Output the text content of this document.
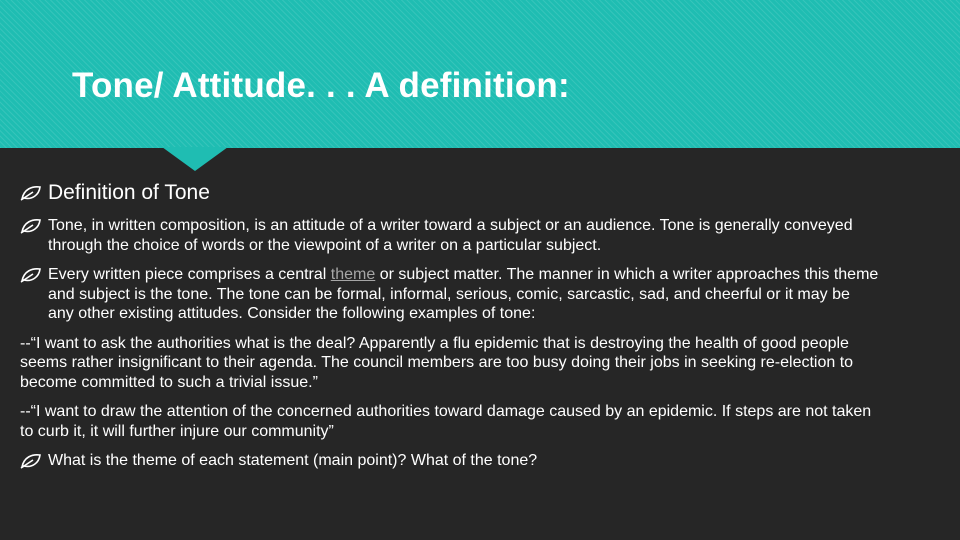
Tone/ Attitude. . . A definition:
Definition of Tone
Tone, in written composition, is an attitude of a writer toward a subject or an audience. Tone is generally conveyed through the choice of words or the viewpoint of a writer on a particular subject.
Every written piece comprises a central theme or subject matter. The manner in which a writer approaches this theme and subject is the tone. The tone can be formal, informal, serious, comic, sarcastic, sad, and cheerful or it may be any other existing attitudes. Consider the following examples of tone:
--“I want to ask the authorities what is the deal? Apparently a flu epidemic that is destroying the health of good people seems rather insignificant to their agenda. The council members are too busy doing their jobs in seeking re-election to become committed to such a trivial issue.”
--“I want to draw the attention of the concerned authorities toward damage caused by an epidemic. If steps are not taken to curb it, it will further injure our community”
What is the theme of each statement (main point)? What of the tone?
